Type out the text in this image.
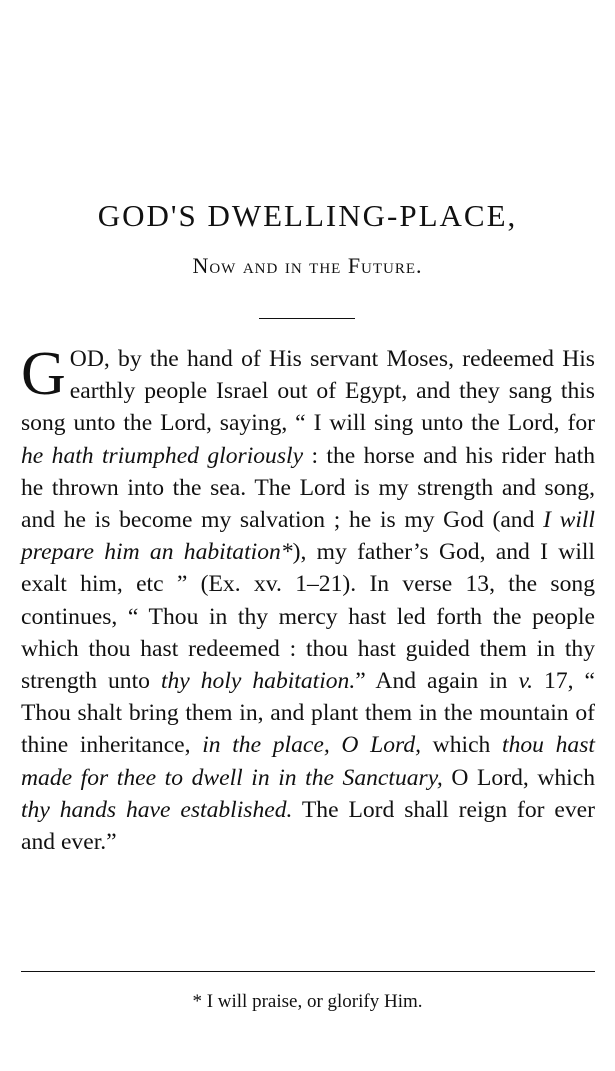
GOD'S DWELLING-PLACE,
Now and in the Future.

GOD, by the hand of His servant Moses, redeemed His earthly people Israel out of Egypt, and they sang this song unto the Lord, saying, “ I will sing unto the Lord, for he hath triumphed gloriously : the horse and his rider hath he thrown into the sea. The Lord is my strength and song, and he is become my salvation ; he is my God (and I will prepare him an habitation*), my father’s God, and I will exalt him, etc ” (Ex. xv. 1–21). In verse 13, the song continues, “ Thou in thy mercy hast led forth the people which thou hast redeemed : thou hast guided them in thy strength unto thy holy habitation.” And again in v. 17, “ Thou shalt bring them in, and plant them in the mountain of thine inheritance, in the place, O Lord, which thou hast made for thee to dwell in in the Sanctuary, O Lord, which thy hands have established. The Lord shall reign for ever and ever.”

* I will praise, or glorify Him.
